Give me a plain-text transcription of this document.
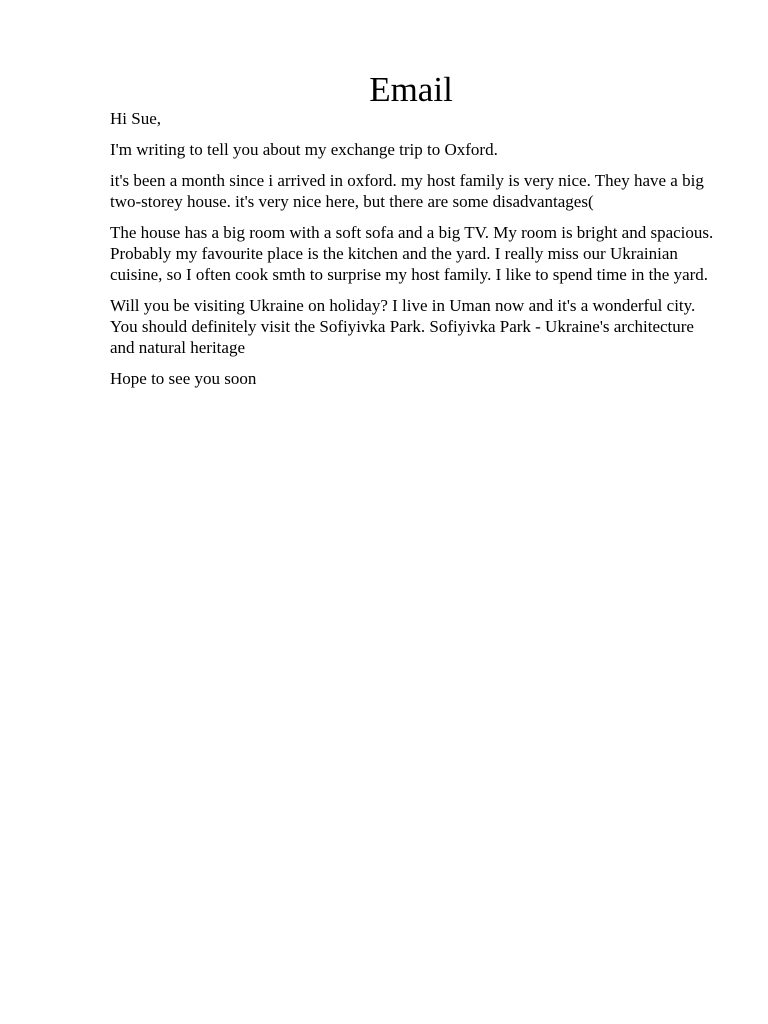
Email

Hi Sue,

I'm writing to tell you about my exchange trip to Oxford.

it's been a month since i arrived in oxford. my host family is very nice. They have a big two-storey house. it's very nice here, but there are some disadvantages(

The house has a big room with a soft sofa and a big TV. My room is bright and spacious. Probably my favourite place is the kitchen and the yard. I really miss our Ukrainian cuisine, so I often cook smth to surprise my host family. I like to spend time in the yard.

Will you be visiting Ukraine on holiday? I live in Uman now and it's a wonderful city. You should definitely visit the Sofiyivka Park. Sofiyivka Park - Ukraine's architecture and natural heritage

Hope to see you soon
